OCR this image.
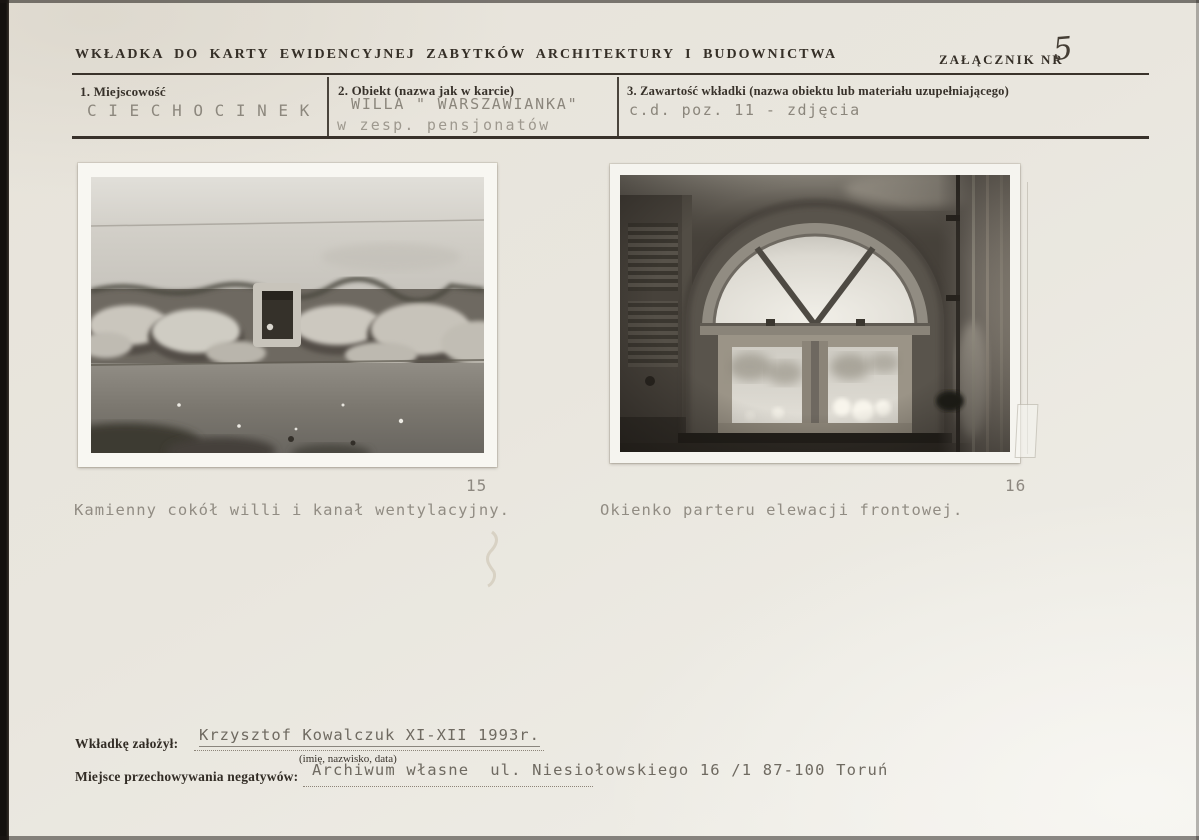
WKŁADKA DO KARTY EWIDENCYJNEJ ZABYTKÓW ARCHITEKTURY I BUDOWNICTWA	ZAŁĄCZNIK NR
5
1. Miejscowość
C I E C H O C I N E K
2. Obiekt (nazwa jak w karcie)
WILLA " WARSZAWIANKA"
w zesp. pensjonatów
3. Zawartość wkładki (nazwa obiektu lub materiału uzupełniającego)
c.d. poz. 11 - zdjęcia
15	16
Kamienny cokół willi i kanał wentylacyjny.	Okienko parteru elewacji frontowej.
Wkładkę założył: Krzysztof Kowalczuk XI-XII 1993r.
(imię, nazwisko, data)
Miejsce przechowywania negatywów: Archiwum własne  ul. Niesiołowskiego 16 /1 87-100 Toruń
